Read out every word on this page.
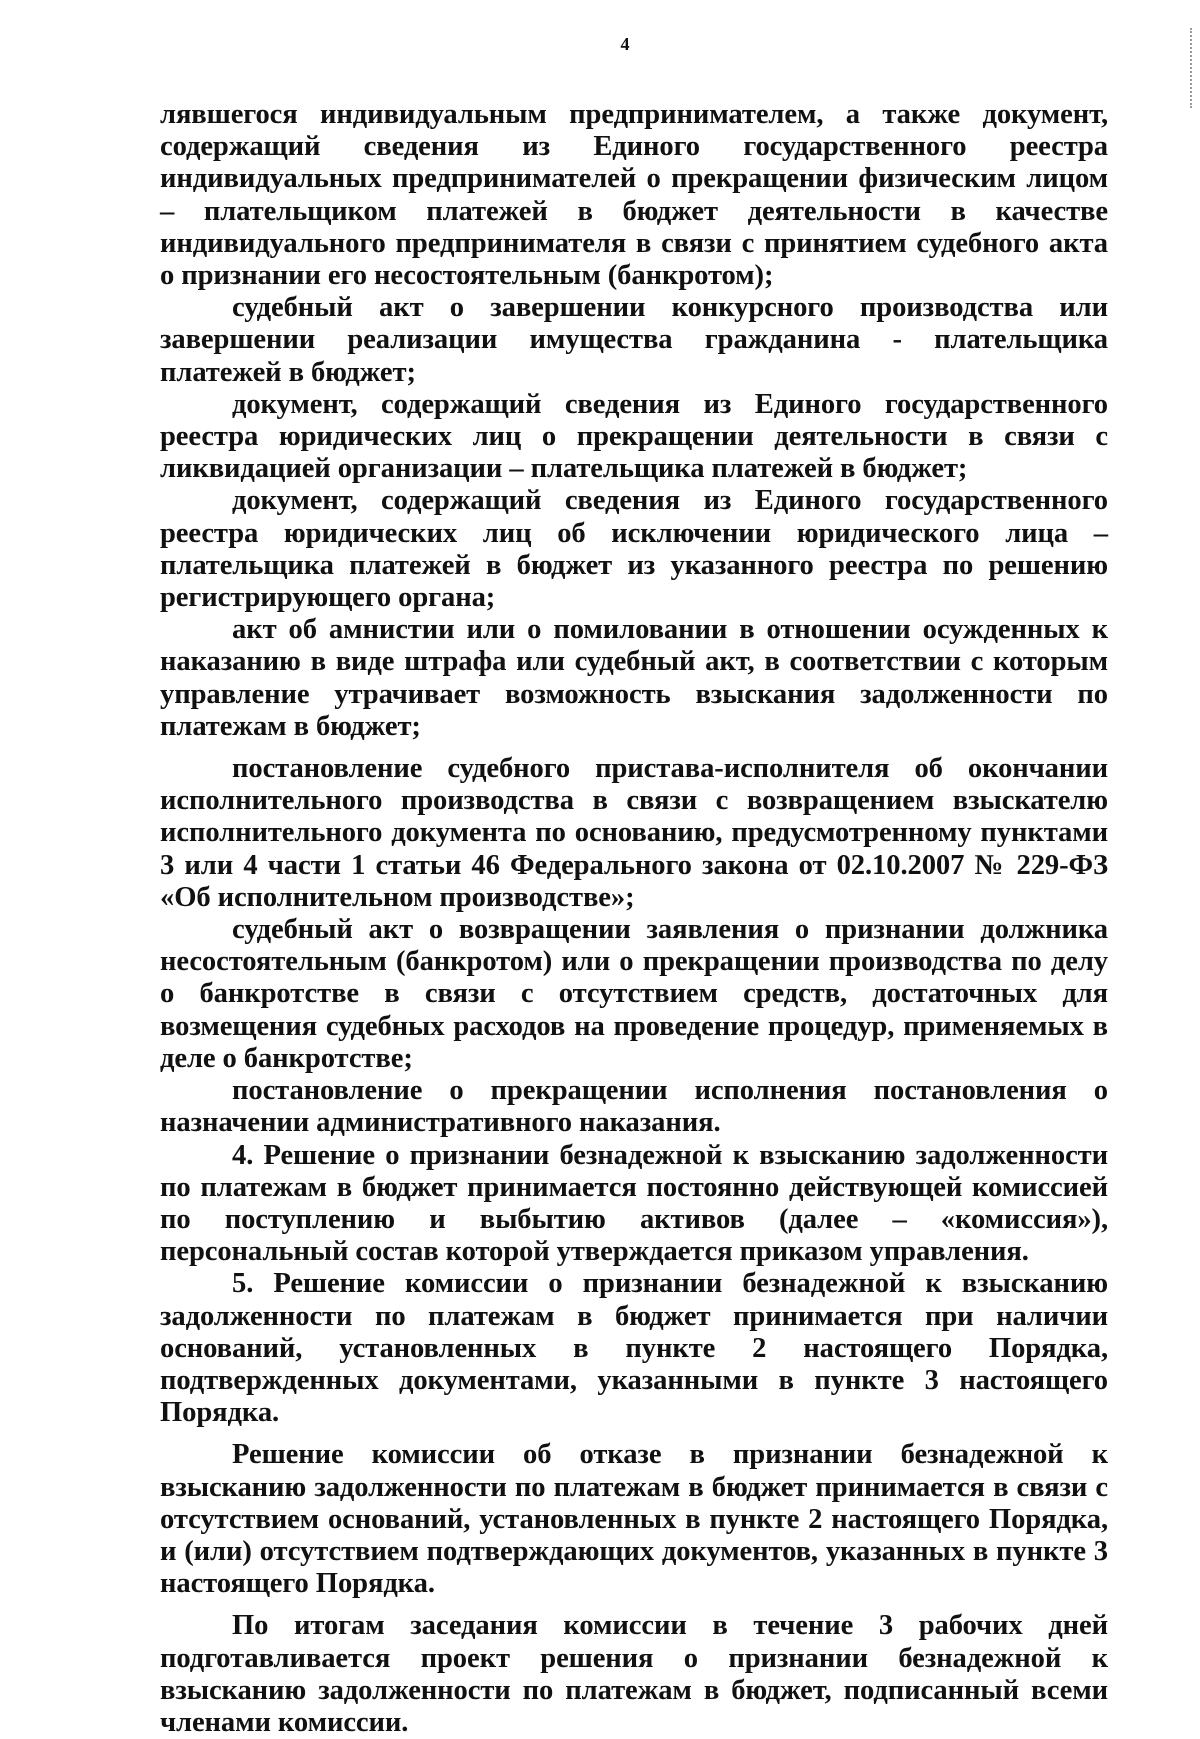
4

лявшегося индивидуальным предпринимателем, а также документ, содержащий сведения из Единого государственного реестра индивидуальных предпринимателей о прекращении физическим лицом – плательщиком платежей в бюджет деятельности в качестве индивидуального предпринимателя в связи с принятием судебного акта о признании его несостоятельным (банкротом);

судебный акт о завершении конкурсного производства или завершении реализации имущества гражданина - плательщика платежей в бюджет;

документ, содержащий сведения из Единого государственного реестра юридических лиц о прекращении деятельности в связи с ликвидацией организации – плательщика платежей в бюджет;

документ, содержащий сведения из Единого государственного реестра юридических лиц об исключении юридического лица – плательщика платежей в бюджет из указанного реестра по решению регистрирующего органа;

акт об амнистии или о помиловании в отношении осужденных к наказанию в виде штрафа или судебный акт, в соответствии с которым управление утрачивает возможность взыскания задолженности по платежам в бюджет;

постановление судебного пристава-исполнителя об окончании исполнительного производства в связи с возвращением взыскателю исполнительного документа по основанию, предусмотренному пунктами 3 или 4 части 1 статьи 46 Федерального закона от 02.10.2007 № 229-ФЗ «Об исполнительном производстве»;

судебный акт о возвращении заявления о признании должника несостоятельным (банкротом) или о прекращении производства по делу о банкротстве в связи с отсутствием средств, достаточных для возмещения судебных расходов на проведение процедур, применяемых в деле о банкротстве;

постановление о прекращении исполнения постановления о назначении административного наказания.

4. Решение о признании безнадежной к взысканию задолженности по платежам в бюджет принимается постоянно действующей комиссией по поступлению и выбытию активов (далее – «комиссия»), персональный состав которой утверждается приказом управления.

5. Решение комиссии о признании безнадежной к взысканию задолженности по платежам в бюджет принимается при наличии оснований, установленных в пункте 2 настоящего Порядка, подтвержденных документами, указанными в пункте 3 настоящего Порядка.

Решение комиссии об отказе в признании безнадежной к взысканию задолженности по платежам в бюджет принимается в связи с отсутствием оснований, установленных в пункте 2 настоящего Порядка, и (или) отсутствием подтверждающих документов, указанных в пункте 3 настоящего Порядка.

По итогам заседания комиссии в течение 3 рабочих дней подготавливается проект решения о признании безнадежной к взысканию задолженности по платежам в бюджет, подписанный всеми членами комиссии.
